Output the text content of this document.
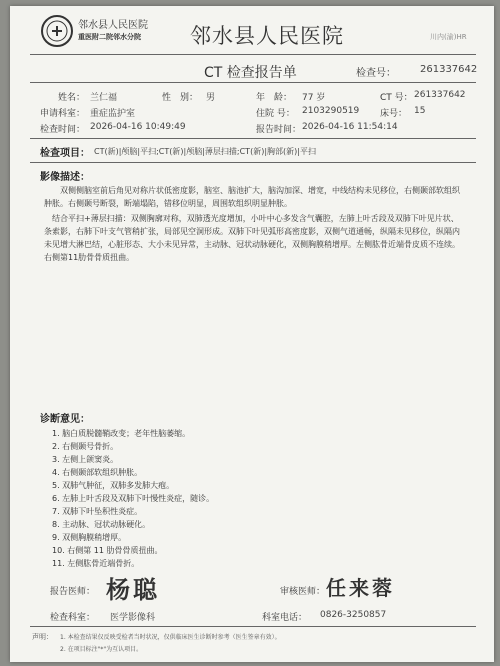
邻水县人民医院
重医附二院邻水分院 邻水县人民医院	川内(渝)HR
CT 检查报告单	检查号： 261337642
姓名： 兰仁福	性　别： 男	年　龄： 77 岁	CT 号： 261337642
申请科室： 重症监护室	住院 号： 2103290519 床号： 15
检查时间： 2026-04-16 10:49:49	报告时间： 2026-04-16 11:54:14
检查项目： CT(新)|颅脑|平扫;CT(新)|颅脑|薄层扫描;CT(新)|胸部(新)|平扫
影像描述：
双侧侧脑室前后角见对称片状低密度影，脑室、脑池扩大，脑沟加深、增宽，中线结构未见移位，右侧颞部软组织肿胀。右侧颞号断裂，断端塌陷，错移位明显，周围软组织明显肿胀。
结合平扫+薄层扫描：双侧胸廓对称，双肺透光度增加，小叶中心多发含气囊腔，左肺上叶舌段及双肺下叶见片状、条索影，右肺下叶支气管稍扩张，局部见空洞形成。双肺下叶见弧形高密度影，双侧气道通畅，纵隔未见移位，纵隔内未见增大淋巴结，心脏形态、大小未见异常，主动脉、冠状动脉硬化，双侧胸膜稍增厚。左侧肱骨近端骨皮质不连续。右侧第11肋骨骨质扭曲。
诊断意见：
1. 脑白质脱髓鞘改变；老年性脑萎缩。
2. 右侧颞号骨折。
3. 左侧上颌窦炎。
4. 右侧颞部软组织肿胀。
5. 双肺气肿征，双肺多发肺大疱。
6. 左肺上叶舌段及双肺下叶慢性炎症，随诊。
7. 双肺下叶坠积性炎症。
8. 主动脉、冠状动脉硬化。
9. 双侧胸膜稍增厚。
10. 右侧第 11 肋骨骨质扭曲。
11. 左侧肱骨近端骨折。
报告医师： 杨聪	审核医师： 任来蓉
检查科室： 医学影像科	科室电话： 0826-3250857
声明： 1. 本检查结果仅反映受检者当时状况，仅供临床医生诊断时参考（医生签章有效）。
2. 在项目标注"*"为互认项目。
